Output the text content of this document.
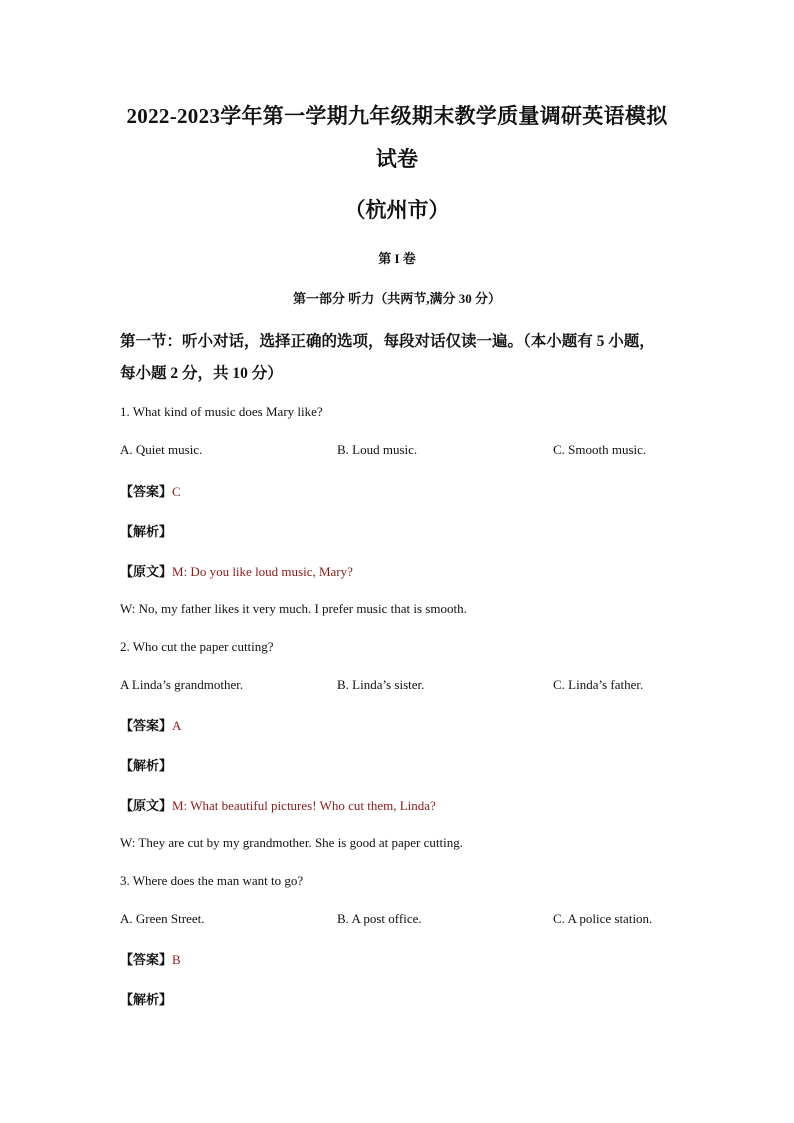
2022-2023学年第一学期九年级期末教学质量调研英语模拟
试卷
（杭州市）
第 I 卷
第一部分 听力（共两节,满分 30 分）
第一节：听小对话，选择正确的选项，每段对话仅读一遍。（本小题有 5 小题，
每小题 2 分，共 10 分）
1. What kind of music does Mary like?
A. Quiet music.	B. Loud music.	C. Smooth music.
【答案】C
【解析】
【原文】M: Do you like loud music, Mary?
W: No, my father likes it very much. I prefer music that is smooth.
2. Who cut the paper cutting?
A Linda’s grandmother.	B. Linda’s sister.	C. Linda’s father.
【答案】A
【解析】
【原文】M: What beautiful pictures! Who cut them, Linda?
W: They are cut by my grandmother. She is good at paper cutting.
3. Where does the man want to go?
A. Green Street.	B. A post office.	C. A police station.
【答案】B
【解析】
